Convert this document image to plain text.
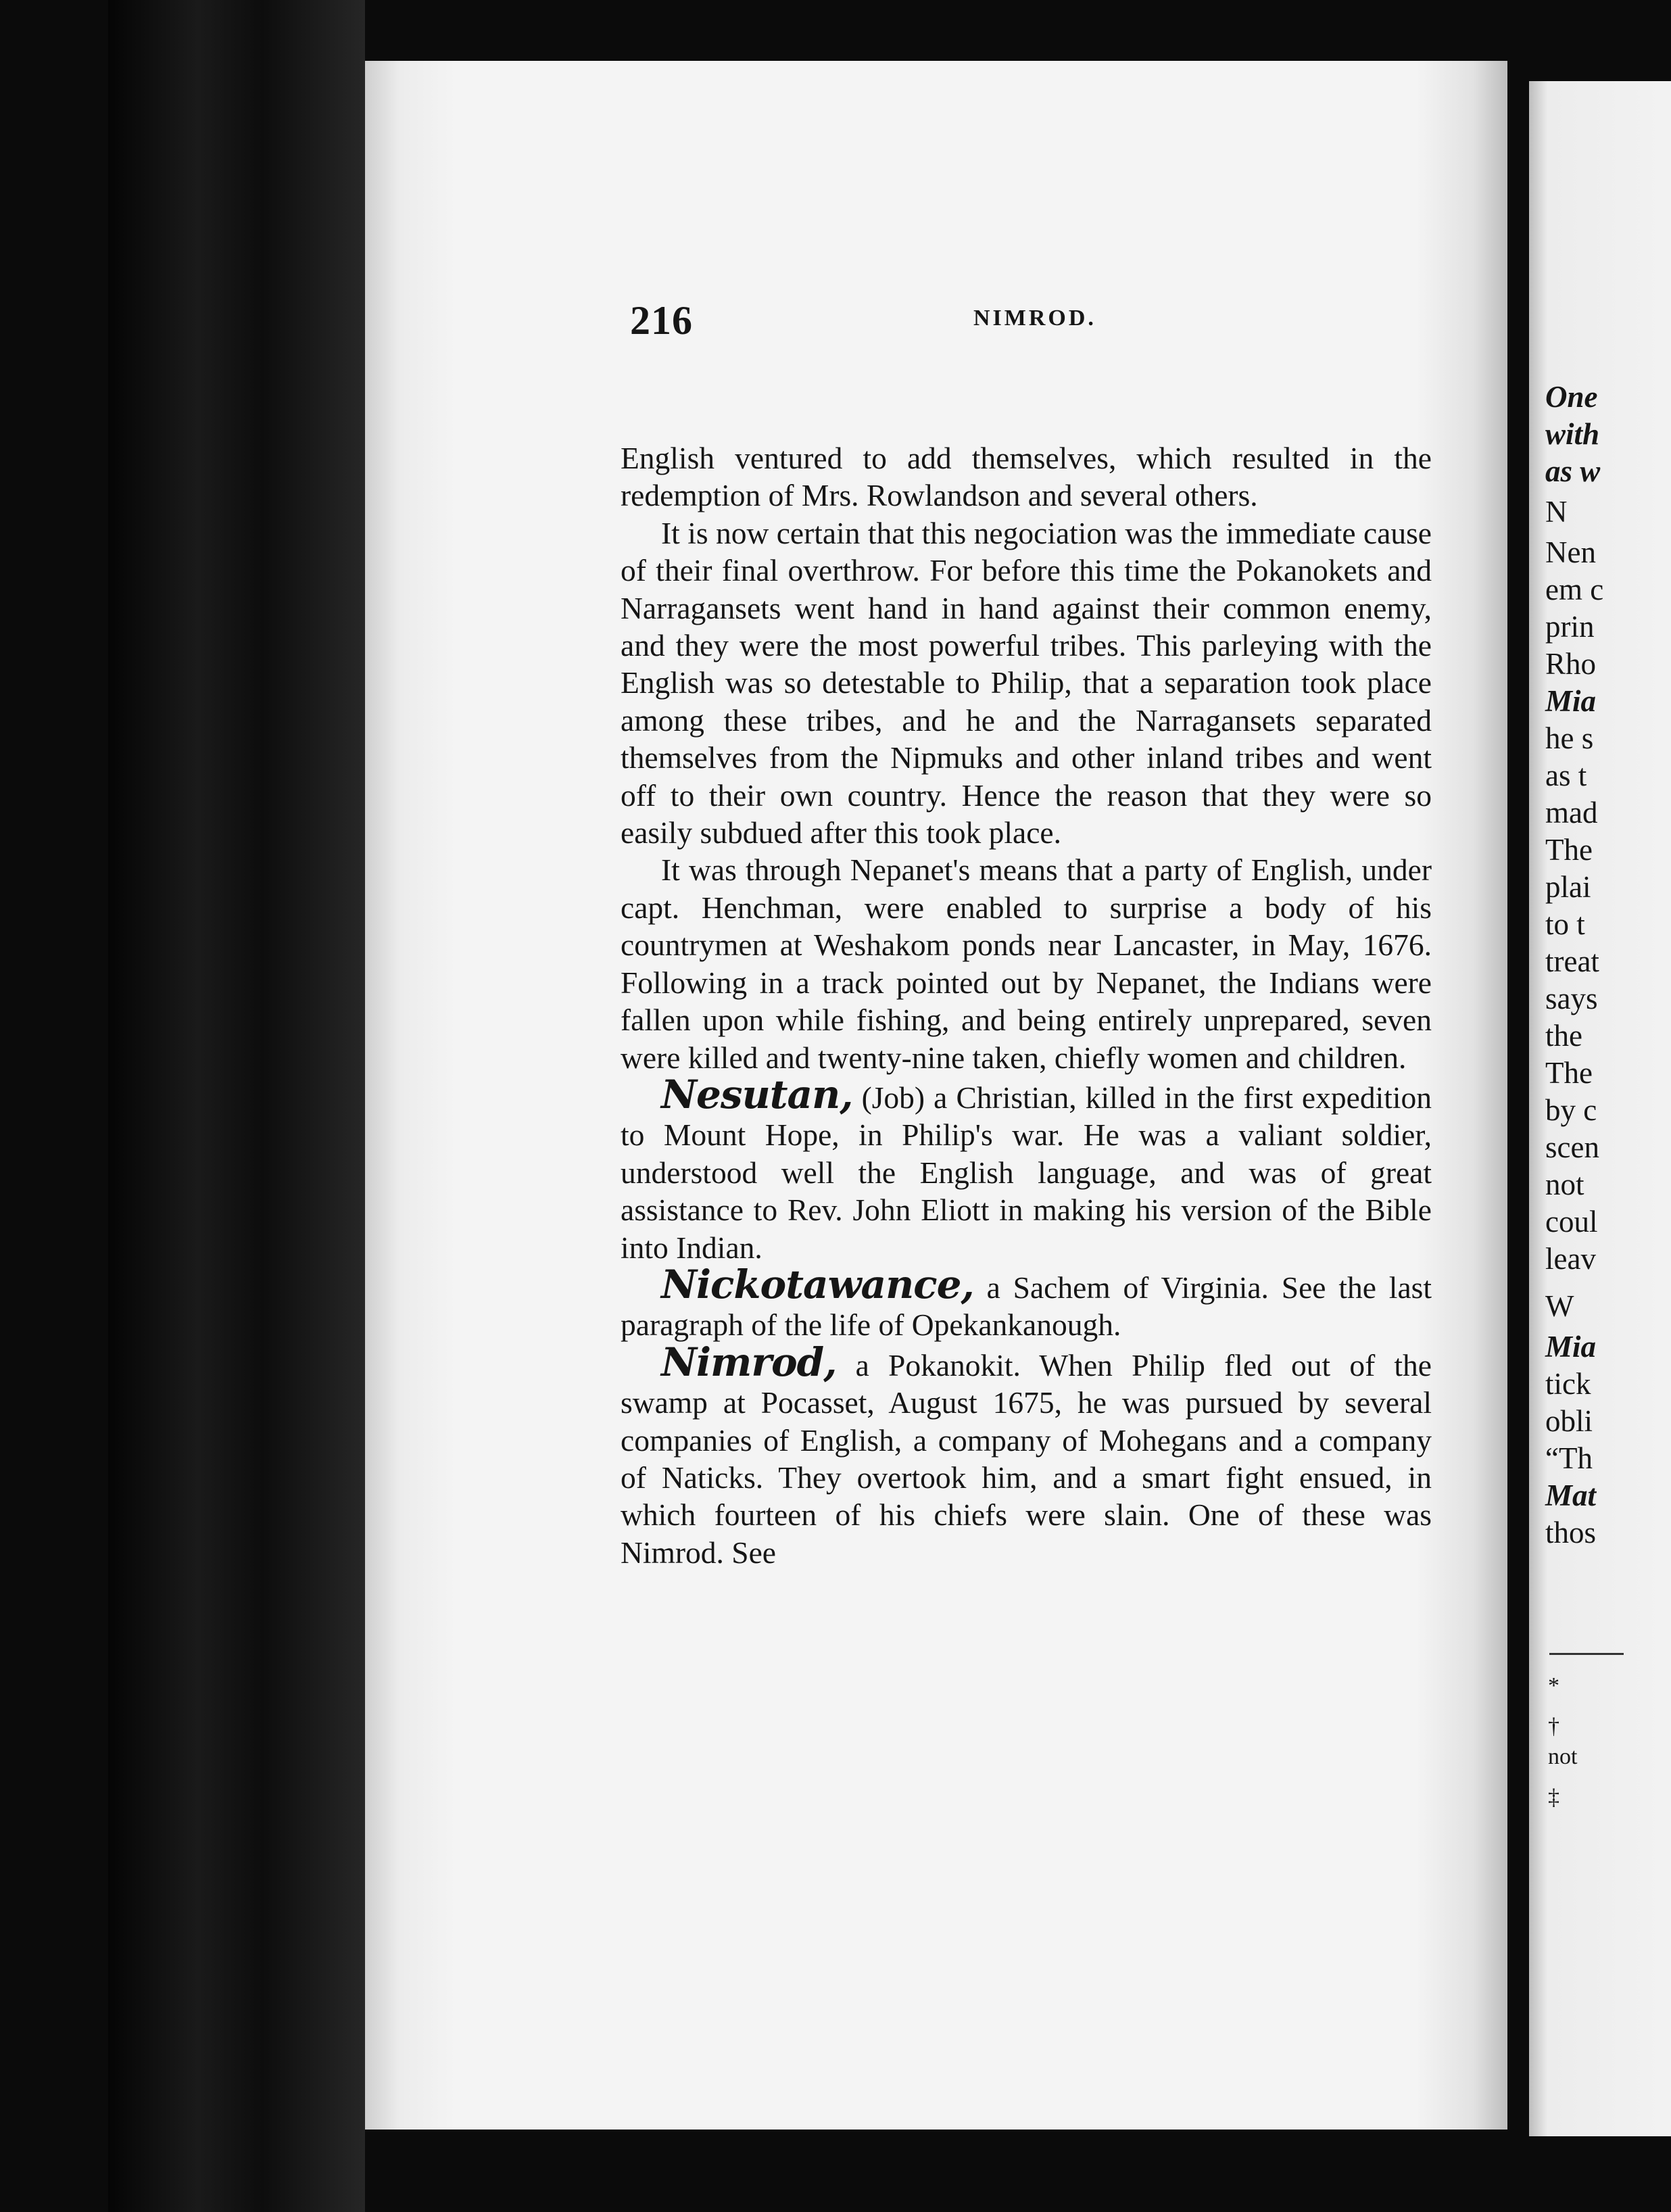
216	NIMROD.

English ventured to add themselves, which resulted in the redemption of Mrs. Rowlandson and several others.

It is now certain that this negociation was the immediate cause of their final overthrow. For before this time the Pokanokets and Narragansets went hand in hand against their common enemy, and they were the most powerful tribes. This parleying with the English was so detestable to Philip, that a separation took place among these tribes, and he and the Narragansets separated themselves from the Nipmuks and other inland tribes and went off to their own country. Hence the reason that they were so easily subdued after this took place.

It was through Nepanet's means that a party of English, under capt. Henchman, were enabled to surprise a body of his countrymen at Weshakom ponds near Lancaster, in May, 1676. Following in a track pointed out by Nepanet, the Indians were fallen upon while fishing, and being entirely unprepared, seven were killed and twenty-nine taken, chiefly women and children.

Nesutan, (Job) a Christian, killed in the first expedition to Mount Hope, in Philip's war. He was a valiant soldier, understood well the English language, and was of great assistance to Rev. John Eliott in making his version of the Bible into Indian.

Nickotawance, a Sachem of Virginia. See the last paragraph of the life of Opekankanough.

Nimrod, a Pokanokit. When Philip fled out of the swamp at Pocasset, August 1675, he was pursued by several companies of English, a company of Mohegans and a company of Naticks. They overtook him, and a smart fight ensued, in which fourteen of his chiefs were slain. One of these was Nimrod. See

One

with

as w

N

Nen

em c

prin

Rho

Mia

he s

as t

mad

The

plai

to t

treat

says

the

The

by c

scen

not

coul

leav

W

Mia

tick

obli

“Th

Mat

thos

*

†

not

‡
